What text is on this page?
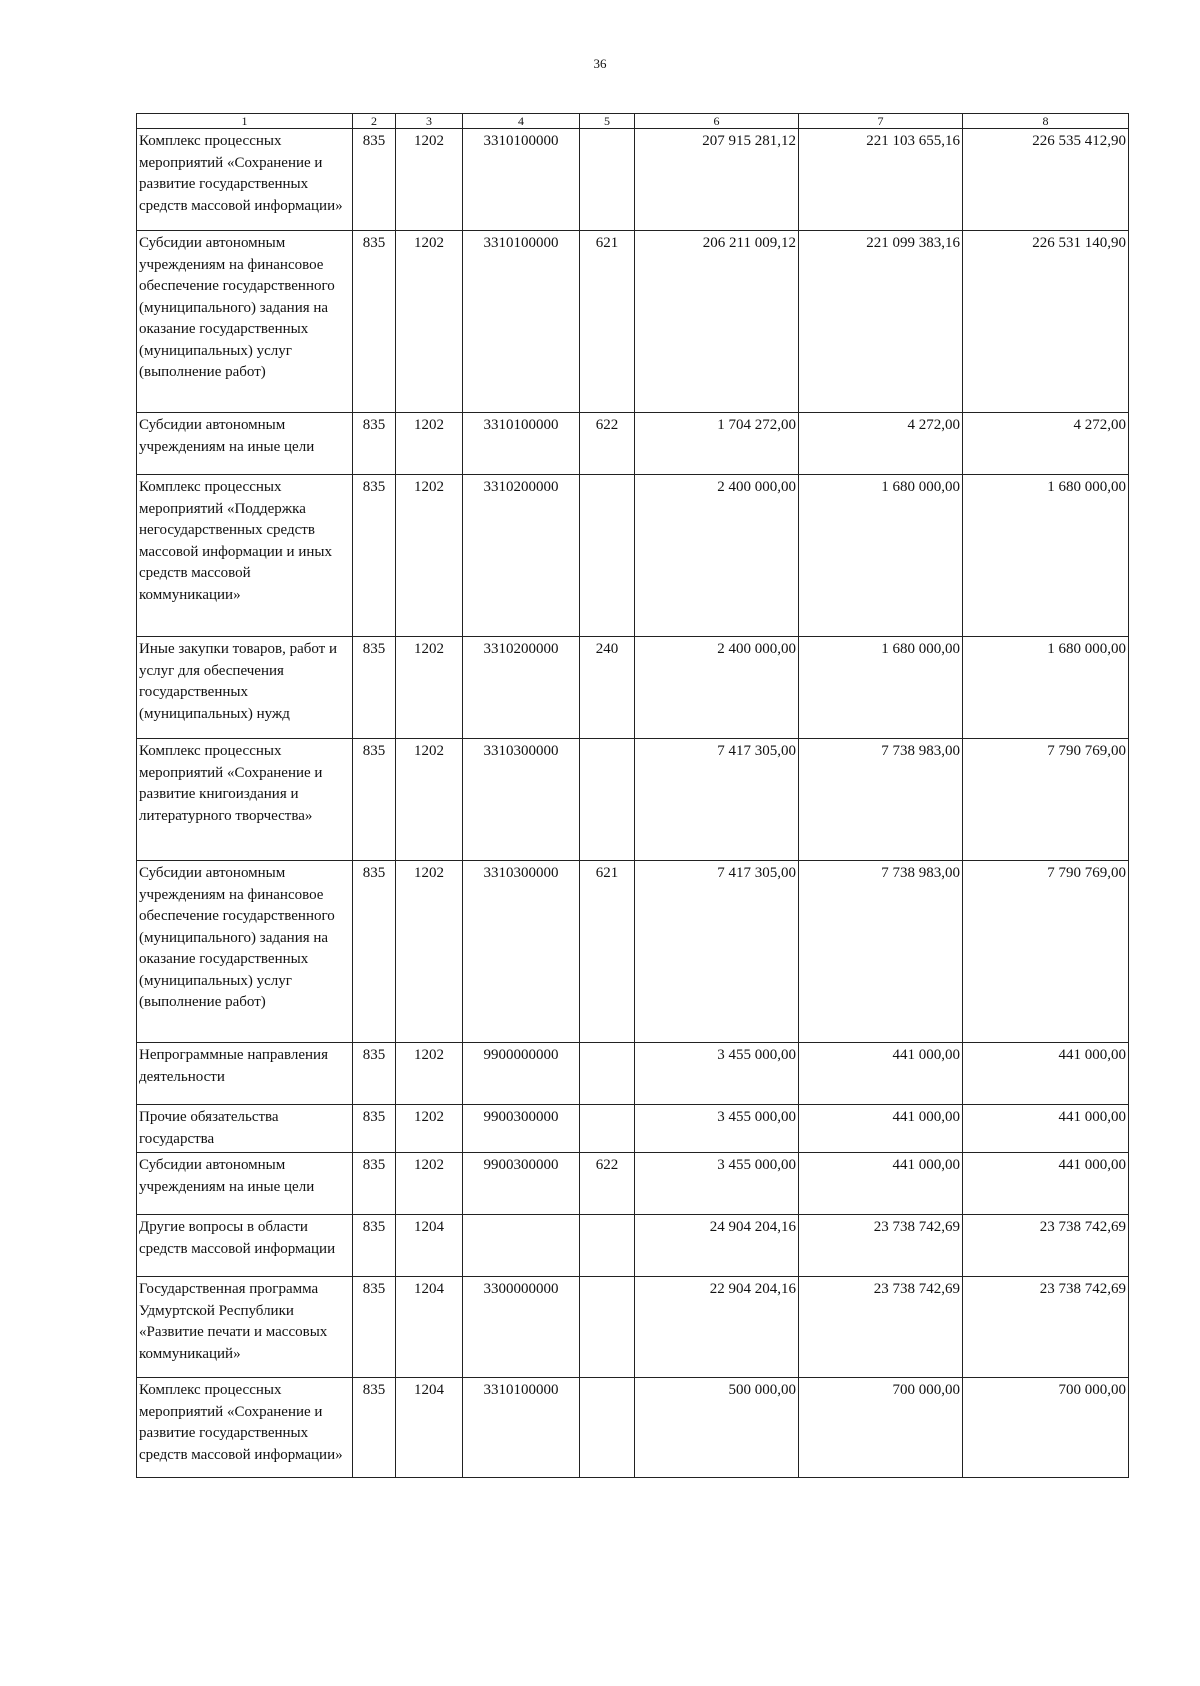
36
1	2	3	4	5	6	7	8
Комплекс процессных мероприятий «Сохранение и развитие государственных средств массовой информации»	835	1202	3310100000		207 915 281,12	221 103 655,16	226 535 412,90
Субсидии автономным учреждениям на финансовое обеспечение государственного (муниципального) задания на оказание государственных (муниципальных) услуг (выполнение работ)	835	1202	3310100000	621	206 211 009,12	221 099 383,16	226 531 140,90
Субсидии автономным учреждениям на иные цели	835	1202	3310100000	622	1 704 272,00	4 272,00	4 272,00
Комплекс процессных мероприятий «Поддержка негосударственных средств массовой информации и иных средств массовой коммуникации»	835	1202	3310200000		2 400 000,00	1 680 000,00	1 680 000,00
Иные закупки товаров, работ и услуг для обеспечения государственных (муниципальных) нужд	835	1202	3310200000	240	2 400 000,00	1 680 000,00	1 680 000,00
Комплекс процессных мероприятий «Сохранение и развитие книгоиздания и литературного творчества»	835	1202	3310300000		7 417 305,00	7 738 983,00	7 790 769,00
Субсидии автономным учреждениям на финансовое обеспечение государственного (муниципального) задания на оказание государственных (муниципальных) услуг (выполнение работ)	835	1202	3310300000	621	7 417 305,00	7 738 983,00	7 790 769,00
Непрограммные направления деятельности	835	1202	9900000000		3 455 000,00	441 000,00	441 000,00
Прочие обязательства государства	835	1202	9900300000		3 455 000,00	441 000,00	441 000,00
Субсидии автономным учреждениям на иные цели	835	1202	9900300000	622	3 455 000,00	441 000,00	441 000,00
Другие вопросы в области средств массовой информации	835	1204			24 904 204,16	23 738 742,69	23 738 742,69
Государственная программа Удмуртской Республики «Развитие печати и массовых коммуникаций»	835	1204	3300000000		22 904 204,16	23 738 742,69	23 738 742,69
Комплекс процессных мероприятий «Сохранение и развитие государственных средств массовой информации»	835	1204	3310100000		500 000,00	700 000,00	700 000,00
